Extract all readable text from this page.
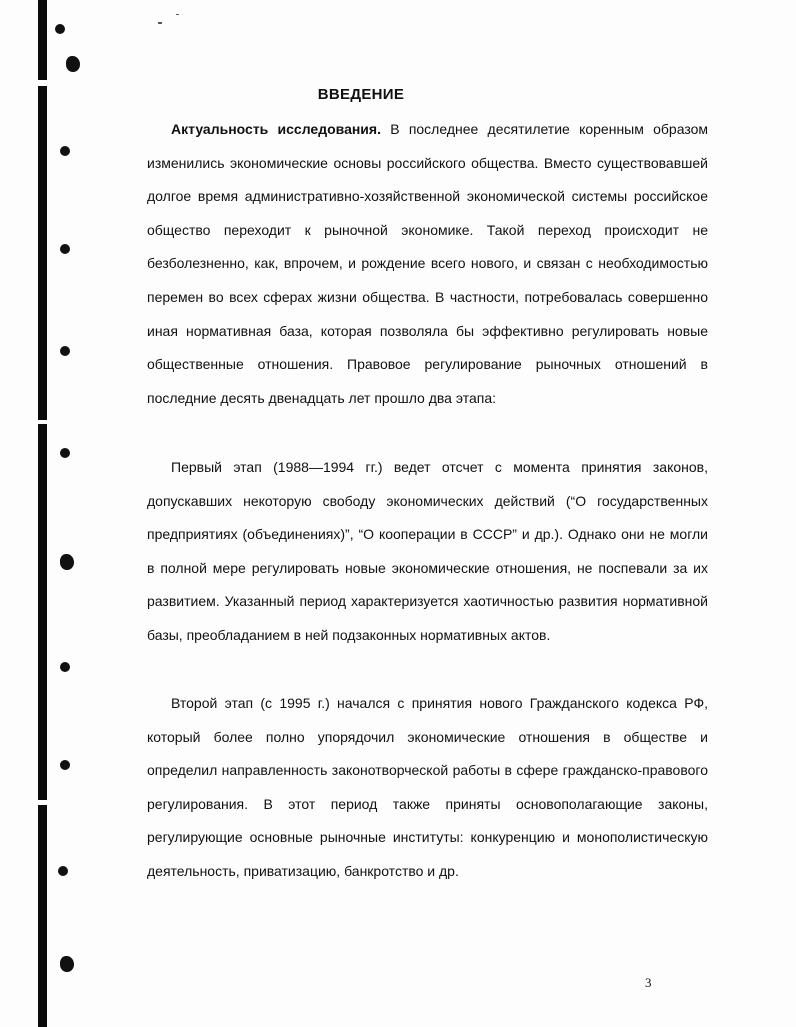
ВВЕДЕНИЕ

Актуальность исследования. В последнее десятилетие коренным образом изменились экономические основы российского общества. Вместо существовавшей долгое время административно-хозяйственной экономической системы российское общество переходит к рыночной экономике. Такой переход происходит не безболезненно, как, впрочем, и рождение всего нового, и связан с необходимостью перемен во всех сферах жизни общества. В частности, потребовалась совершенно иная нормативная база, которая позволяла бы эффективно регулировать новые общественные отношения. Правовое регулирование рыночных отношений в последние десять двенадцать лет прошло два этапа:

Первый этап (1988—1994 гг.) ведет отсчет с момента принятия законов, допускавших некоторую свободу экономических действий (“О государственных предприятиях (объединениях)”, “О кооперации в СССР” и др.). Однако они не могли в полной мере регулировать новые экономические отношения, не поспевали за их развитием. Указанный период характеризуется хаотичностью развития нормативной базы, преобладанием в ней подзаконных нормативных актов.

Второй этап (с 1995 г.) начался с принятия нового Гражданского кодекса РФ, который более полно упорядочил экономические отношения в обществе и определил направленность законотворческой работы в сфере гражданско-правового регулирования. В этот период также приняты основополагающие законы, регулирующие основные рыночные институты: конкуренцию и монополистическую деятельность, приватизацию, банкротство и др.

3
